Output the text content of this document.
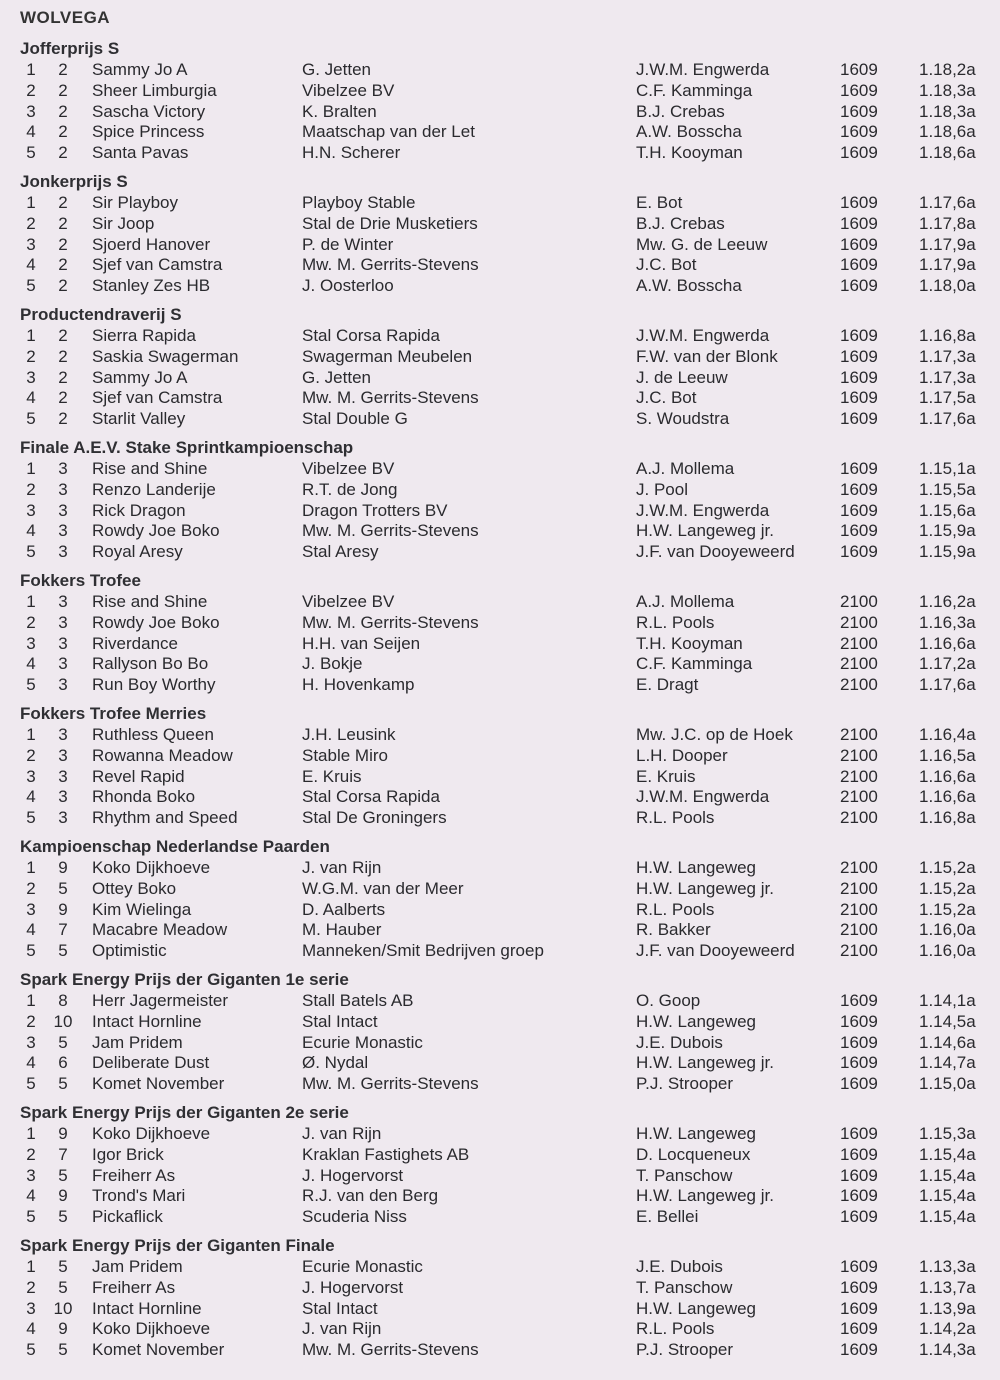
WOLVEGA
Jofferprijs S
1	2	Sammy Jo A	G. Jetten	J.W.M. Engwerda	1609 1.18,2a
2	2	Sheer Limburgia	Vibelzee BV	C.F. Kamminga	1609 1.18,3a
3	2	Sascha Victory	K. Bralten	B.J. Crebas	1609 1.18,3a
4	2	Spice Princess	Maatschap van der Let	A.W. Bosscha	1609 1.18,6a
5	2	Santa Pavas	H.N. Scherer	T.H. Kooyman	1609 1.18,6a
Jonkerprijs S
1	2	Sir Playboy	Playboy Stable	E. Bot	1609 1.17,6a
2	2	Sir Joop	Stal de Drie Musketiers	B.J. Crebas	1609 1.17,8a
3	2	Sjoerd Hanover	P. de Winter	Mw. G. de Leeuw	1609 1.17,9a
4	2	Sjef van Camstra	Mw. M. Gerrits-Stevens	J.C. Bot	1609 1.17,9a
5	2	Stanley Zes HB	J. Oosterloo	A.W. Bosscha	1609 1.18,0a
Productendraverij S
1	2	Sierra Rapida	Stal Corsa Rapida	J.W.M. Engwerda	1609 1.16,8a
2	2	Saskia Swagerman	Swagerman Meubelen	F.W. van der Blonk	1609 1.17,3a
3	2	Sammy Jo A	G. Jetten	J. de Leeuw	1609 1.17,3a
4	2	Sjef van Camstra	Mw. M. Gerrits-Stevens	J.C. Bot	1609 1.17,5a
5	2	Starlit Valley	Stal Double G	S. Woudstra	1609 1.17,6a
Finale A.E.V. Stake Sprintkampioenschap
1	3	Rise and Shine	Vibelzee BV	A.J. Mollema	1609 1.15,1a
2	3	Renzo Landerije	R.T. de Jong	J. Pool	1609 1.15,5a
3	3	Rick Dragon	Dragon Trotters BV	J.W.M. Engwerda	1609 1.15,6a
4	3	Rowdy Joe Boko	Mw. M. Gerrits-Stevens	H.W. Langeweg jr.	1609 1.15,9a
5	3	Royal Aresy	Stal Aresy	J.F. van Dooyeweerd	1609 1.15,9a
Fokkers Trofee
1	3	Rise and Shine	Vibelzee BV	A.J. Mollema	2100 1.16,2a
2	3	Rowdy Joe Boko	Mw. M. Gerrits-Stevens	R.L. Pools	2100 1.16,3a
3	3	Riverdance	H.H. van Seijen	T.H. Kooyman	2100 1.16,6a
4	3	Rallyson Bo Bo	J. Bokje	C.F. Kamminga	2100 1.17,2a
5	3	Run Boy Worthy	H. Hovenkamp	E. Dragt	2100 1.17,6a
Fokkers Trofee Merries
1	3	Ruthless Queen	J.H. Leusink	Mw. J.C. op de Hoek	2100 1.16,4a
2	3	Rowanna Meadow	Stable Miro	L.H. Dooper	2100 1.16,5a
3	3	Revel Rapid	E. Kruis	E. Kruis	2100 1.16,6a
4	3	Rhonda Boko	Stal Corsa Rapida	J.W.M. Engwerda	2100 1.16,6a
5	3	Rhythm and Speed	Stal De Groningers	R.L. Pools	2100 1.16,8a
Kampioenschap Nederlandse Paarden
1	9	Koko Dijkhoeve	J. van Rijn	H.W. Langeweg	2100 1.15,2a
2	5	Ottey Boko	W.G.M. van der Meer	H.W. Langeweg jr.	2100 1.15,2a
3	9	Kim Wielinga	D. Aalberts	R.L. Pools	2100 1.15,2a
4	7	Macabre Meadow	M. Hauber	R. Bakker	2100 1.16,0a
5	5	Optimistic	Manneken/Smit Bedrijven groep	J.F. van Dooyeweerd	2100 1.16,0a
Spark Energy Prijs der Giganten 1e serie
1	8	Herr Jagermeister	Stall Batels AB	O. Goop	1609 1.14,1a
2 10 Intact Hornline	Stal Intact	H.W. Langeweg	1609 1.14,5a
3	5	Jam Pridem	Ecurie Monastic	J.E. Dubois	1609 1.14,6a
4	6	Deliberate Dust	Ø. Nydal	H.W. Langeweg jr.	1609 1.14,7a
5	5	Komet November	Mw. M. Gerrits-Stevens	P.J. Strooper	1609 1.15,0a
Spark Energy Prijs der Giganten 2e serie
1	9	Koko Dijkhoeve	J. van Rijn	H.W. Langeweg	1609 1.15,3a
2	7	Igor Brick	Kraklan Fastighets AB	D. Locqueneux	1609 1.15,4a
3	5	Freiherr As	J. Hogervorst	T. Panschow	1609 1.15,4a
4	9	Trond's Mari	R.J. van den Berg	H.W. Langeweg jr.	1609 1.15,4a
5	5	Pickaflick	Scuderia Niss	E. Bellei	1609 1.15,4a
Spark Energy Prijs der Giganten Finale
1	5	Jam Pridem	Ecurie Monastic	J.E. Dubois	1609 1.13,3a
2	5	Freiherr As	J. Hogervorst	T. Panschow	1609 1.13,7a
3 10 Intact Hornline	Stal Intact	H.W. Langeweg	1609 1.13,9a
4	9	Koko Dijkhoeve	J. van Rijn	R.L. Pools	1609 1.14,2a
5	5	Komet November	Mw. M. Gerrits-Stevens	P.J. Strooper	1609 1.14,3a
